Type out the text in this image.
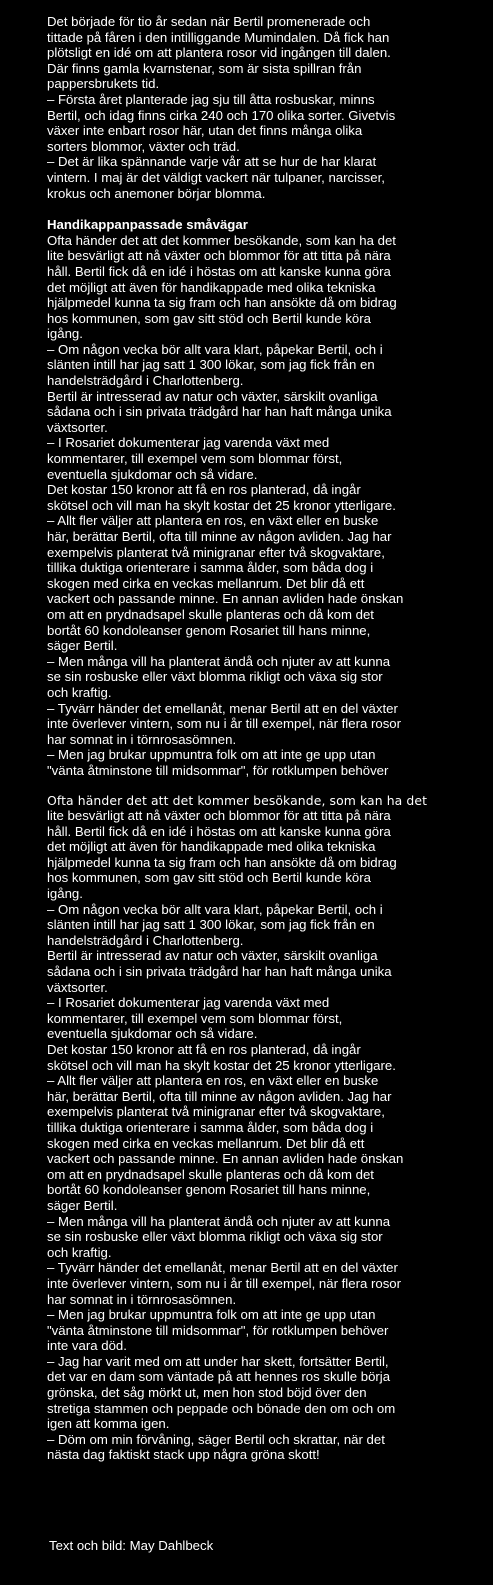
Det började för tio år sedan när Bertil promenerade och
tittade på fåren i den intilliggande Mumindalen. Då fick han
plötsligt en idé om att plantera rosor vid ingången till dalen.
Där finns gamla kvarnstenar, som är sista spillran från
pappersbrukets tid.

– Första året planterade jag sju till åtta rosbuskar, minns
Bertil, och idag finns cirka 240 och 170 olika sorter. Givetvis
växer inte enbart rosor här, utan det finns många olika
sorters blommor, växter och träd.

– Det är lika spännande varje vår att se hur de har klarat
vintern. I maj är det väldigt vackert när tulpaner, narcisser,
krokus och anemoner börjar blomma.

Handikappanpassade småvägar

Ofta händer det att det kommer besökande, som kan ha det
lite besvärligt att nå växter och blommor för att titta på nära
håll. Bertil fick då en idé i höstas om att kanske kunna göra
det möjligt att även för handikappade med olika tekniska
hjälpmedel kunna ta sig fram och han ansökte då om bidrag
hos kommunen, som gav sitt stöd och Bertil kunde köra
igång.

– Om någon vecka bör allt vara klart, påpekar Bertil, och i
slänten intill har jag satt 1 300 lökar, som jag fick från en
handelsträdgård i Charlottenberg.

Bertil är intresserad av natur och växter, särskilt ovanliga
sådana och i sin privata trädgård har han haft många unika
växtsorter.

– I Rosariet dokumenterar jag varenda växt med
kommentarer, till exempel vem som blommar först,
eventuella sjukdomar och så vidare.

Det kostar 150 kronor att få en ros planterad, då ingår
skötsel och vill man ha skylt kostar det 25 kronor ytterligare.

– Allt fler väljer att plantera en ros, en växt eller en buske
här, berättar Bertil, ofta till minne av någon avliden. Jag har
exempelvis planterat två minigranar efter två skogvaktare,
tillika duktiga orienterare i samma ålder, som båda dog i
skogen med cirka en veckas mellanrum. Det blir då ett
vackert och passande minne. En annan avliden hade önskan
om att en prydnadsapel skulle planteras och då kom det
bortåt 60 kondoleanser genom Rosariet till hans minne,
säger Bertil.

– Men många vill ha planterat ändå och njuter av att kunna
se sin rosbuske eller växt blomma rikligt och växa sig stor
och kraftig.

– Tyvärr händer det emellanåt, menar Bertil att en del växter
inte överlever vintern, som nu i år till exempel, när flera rosor
har somnat in i törnrosasömnen.

– Men jag brukar uppmuntra folk om att inte ge upp utan
"vänta åtminstone till midsommar", för rotklumpen behöver

Ofta händer det att det kommer besökande, som kan ha det

lite besvärligt att nå växter och blommor för att titta på nära
håll. Bertil fick då en idé i höstas om att kanske kunna göra
det möjligt att även för handikappade med olika tekniska
hjälpmedel kunna ta sig fram och han ansökte då om bidrag
hos kommunen, som gav sitt stöd och Bertil kunde köra
igång.

– Om någon vecka bör allt vara klart, påpekar Bertil, och i
slänten intill har jag satt 1 300 lökar, som jag fick från en
handelsträdgård i Charlottenberg.

Bertil är intresserad av natur och växter, särskilt ovanliga
sådana och i sin privata trädgård har han haft många unika
växtsorter.

– I Rosariet dokumenterar jag varenda växt med
kommentarer, till exempel vem som blommar först,
eventuella sjukdomar och så vidare.

Det kostar 150 kronor att få en ros planterad, då ingår
skötsel och vill man ha skylt kostar det 25 kronor ytterligare.

– Allt fler väljer att plantera en ros, en växt eller en buske
här, berättar Bertil, ofta till minne av någon avliden. Jag har
exempelvis planterat två minigranar efter två skogvaktare,
tillika duktiga orienterare i samma ålder, som båda dog i
skogen med cirka en veckas mellanrum. Det blir då ett
vackert och passande minne. En annan avliden hade önskan
om att en prydnadsapel skulle planteras och då kom det
bortåt 60 kondoleanser genom Rosariet till hans minne,
säger Bertil.

– Men många vill ha planterat ändå och njuter av att kunna
se sin rosbuske eller växt blomma rikligt och växa sig stor
och kraftig.

– Tyvärr händer det emellanåt, menar Bertil att en del växter
inte överlever vintern, som nu i år till exempel, när flera rosor
har somnat in i törnrosasömnen.

– Men jag brukar uppmuntra folk om att inte ge upp utan
"vänta åtminstone till midsommar", för rotklumpen behöver
inte vara död.

– Jag har varit med om att under har skett, fortsätter Bertil,
det var en dam som väntade på att hennes ros skulle börja
grönska, det såg mörkt ut, men hon stod böjd över den
stretiga stammen och peppade och bönade den om och om
igen att komma igen.

– Döm om min förvåning, säger Bertil och skrattar, när det
nästa dag faktiskt stack upp några gröna skott!

Text och bild: May Dahlbeck
